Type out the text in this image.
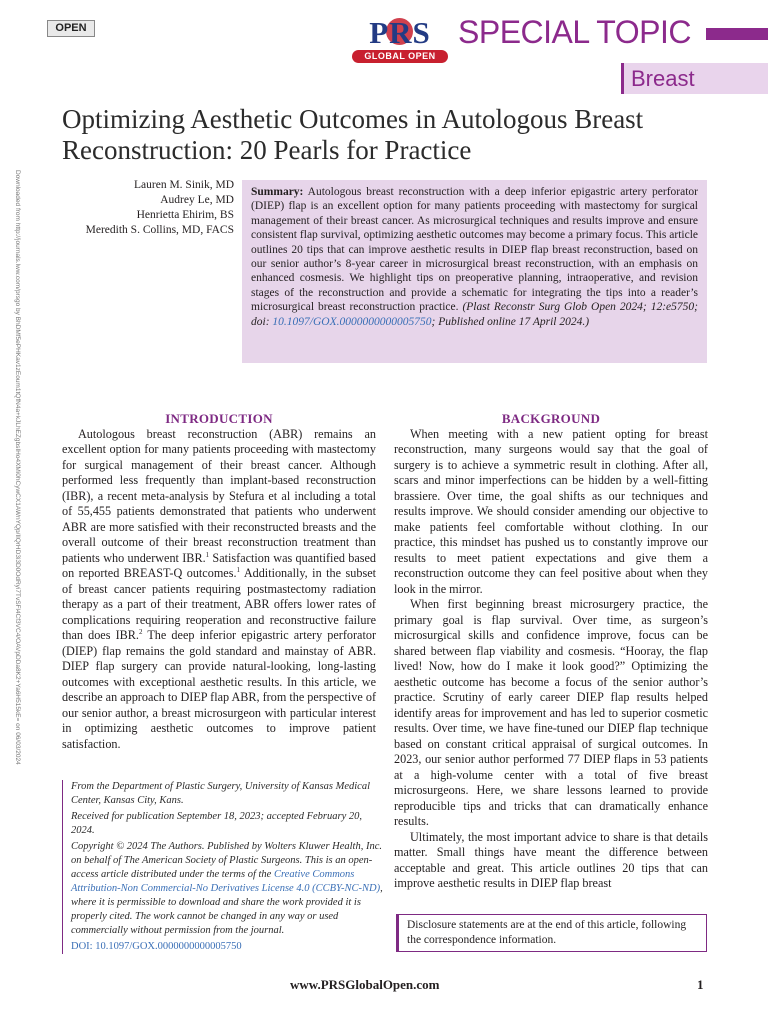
OPEN	PRS
GLOBAL OPEN
SPECIAL TOPIC
Breast
Optimizing Aesthetic Outcomes in Autologous Breast Reconstruction: 20 Pearls for Practice
Downloaded from http://journals.lww.com/prsgo by BhDMf5ePHKav1zEoum1tQfN4a+kJLhEZgbsIHo4XMi0hCywCX1AWnYQp/IlQrHD3i3D0OdRyi7TvSFl4Cf3VC4/OAVpDDa8K2+Ya6H515kE= on 06/03/2024	Lauren M. Sinik, MD
Audrey Le, MD
Henrietta Ehirim, BS
Meredith S. Collins, MD, FACS
Summary: Autologous breast reconstruction with a deep inferior epigastric artery perforator (DIEP) flap is an excellent option for many patients proceeding with mastectomy for surgical management of their breast cancer. As microsurgical techniques and results improve and ensure consistent flap survival, optimizing aesthetic outcomes may become a primary focus. This article outlines 20 tips that can improve aesthetic results in DIEP flap breast reconstruction, based on our senior author’s 8-year career in microsurgical breast reconstruction, with an emphasis on enhanced cosmesis. We highlight tips on preoperative planning, intraoperative, and revision stages of the reconstruction and provide a schematic for integrating the tips into a reader’s microsurgical breast reconstruction practice. (Plast Reconstr Surg Glob Open 2024; 12:e5750; doi: 10.1097/GOX.0000000000005750; Published online 17 April 2024.)
INTRODUCTION

Autologous breast reconstruction (ABR) remains an excellent option for many patients proceeding with mastectomy for surgical management of their breast cancer. Although performed less frequently than implant-based reconstruction (IBR), a recent meta-analysis by Stefura et al including a total of 55,455 patients demonstrated that patients who underwent ABR are more satisfied with their reconstructed breasts and the overall outcome of their breast reconstruction treatment than patients who underwent IBR.$^1$ Satisfaction was quantified based on reported BREAST-Q outcomes.$^1$ Additionally, in the subset of breast cancer patients requiring postmastectomy radiation therapy as a part of their treatment, ABR offers lower rates of complications requiring reoperation and reconstructive failure than does IBR.$^2$ The deep inferior epigastric artery perforator (DIEP) flap remains the gold standard and mainstay of ABR. DIEP flap surgery can provide natural-looking, long-lasting outcomes with exceptional aesthetic results. In this article, we describe an approach to DIEP flap ABR, from the perspective of our senior author, a breast microsurgeon with particular interest in optimizing aesthetic outcomes to improve patient satisfaction.

From the Department of Plastic Surgery, University of Kansas Medical Center, Kansas City, Kans.

Received for publication September 18, 2023; accepted February 20, 2024.

Copyright © 2024 The Authors. Published by Wolters Kluwer Health, Inc. on behalf of The American Society of Plastic Surgeons. This is an open-access article distributed under the terms of the Creative Commons Attribution-Non Commercial-No Derivatives License 4.0 (CCBY-NC-ND), where it is permissible to download and share the work provided it is properly cited. The work cannot be changed in any way or used commercially without permission from the journal.

DOI: 10.1097/GOX.0000000000005750
BACKGROUND

When meeting with a new patient opting for breast reconstruction, many surgeons would say that the goal of surgery is to achieve a symmetric result in clothing. After all, scars and minor imperfections can be hidden by a well-fitting brassiere. Over time, the goal shifts as our techniques and results improve. We should consider amending our objective to make patients feel comfortable without clothing. In our practice, this mindset has pushed us to constantly improve our results to meet patient expectations and give them a reconstruction outcome they can feel positive about when they look in the mirror.

When first beginning breast microsurgery practice, the primary goal is flap survival. Over time, as surgeon’s microsurgical skills and confidence improve, focus can be shared between flap viability and cosmesis. “Hooray, the flap lived! Now, how do I make it look good?” Optimizing the aesthetic outcome has become a focus of the senior author’s practice. Scrutiny of early career DIEP flap results helped identify areas for improvement and has led to superior cosmetic results. Over time, we have fine-tuned our DIEP flap technique based on constant critical appraisal of surgical outcomes. In 2023, our senior author performed 77 DIEP flaps in 53 patients at a high-volume center with a total of five breast microsurgeons. Here, we share lessons learned to provide reproducible tips and tricks that can dramatically enhance results.

Ultimately, the most important advice to share is that details matter. Small things have meant the difference between acceptable and great. This article outlines 20 tips that can improve aesthetic results in DIEP flap breast

Disclosure statements are at the end of this article, following the correspondence information.
www.PRSGlobalOpen.com	1
